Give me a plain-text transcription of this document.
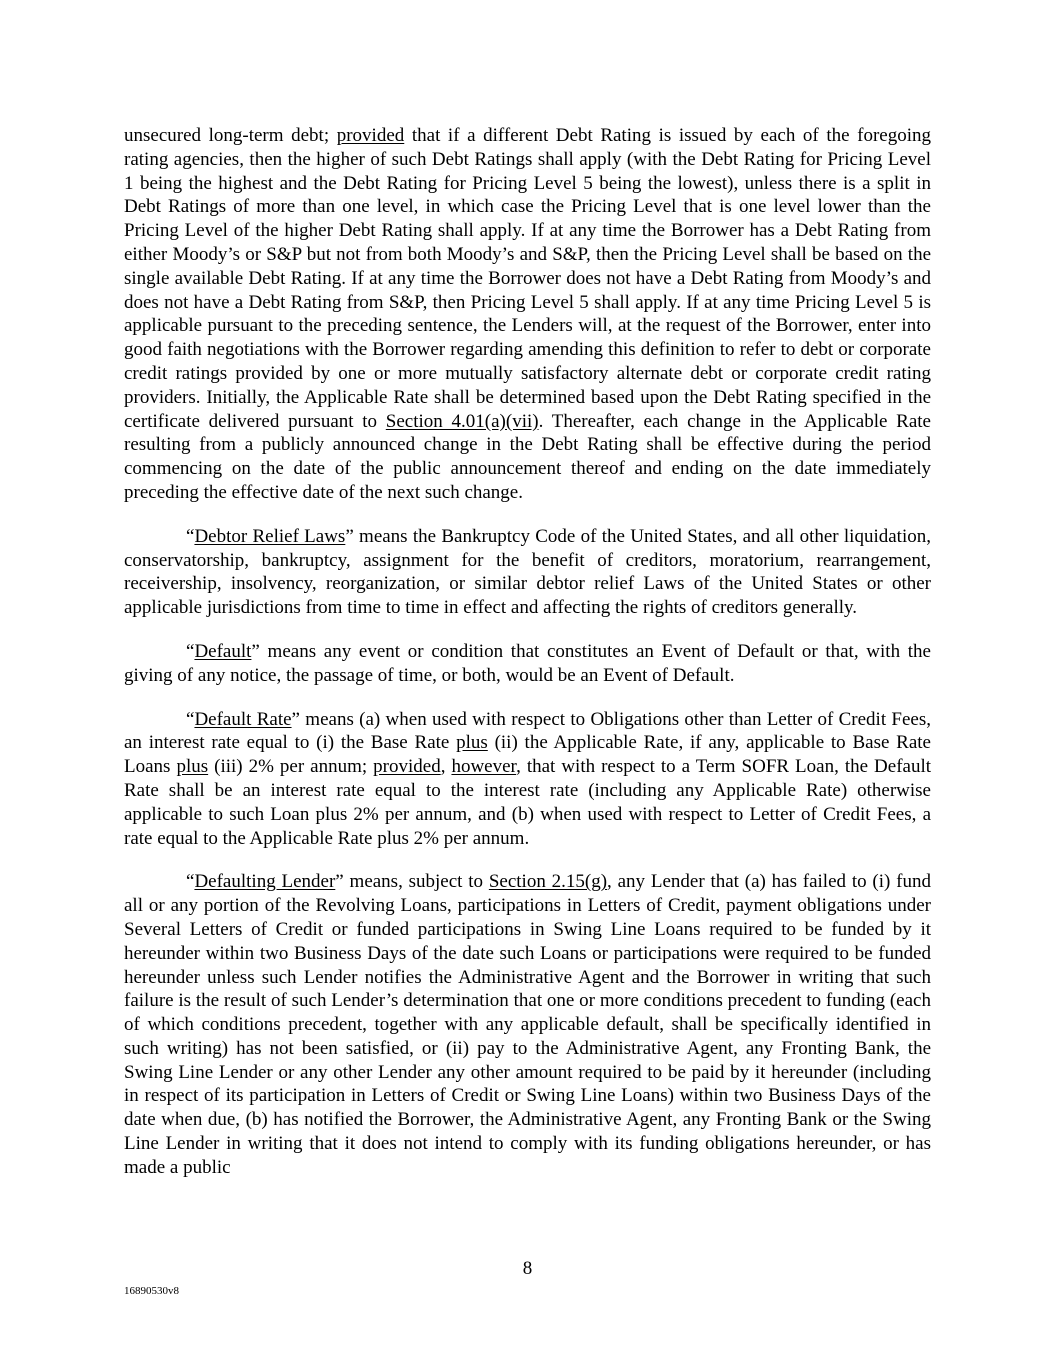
unsecured long-term debt; provided that if a different Debt Rating is issued by each of the foregoing rating agencies, then the higher of such Debt Ratings shall apply (with the Debt Rating for Pricing Level 1 being the highest and the Debt Rating for Pricing Level 5 being the lowest), unless there is a split in Debt Ratings of more than one level, in which case the Pricing Level that is one level lower than the Pricing Level of the higher Debt Rating shall apply. If at any time the Borrower has a Debt Rating from either Moody’s or S&P but not from both Moody’s and S&P, then the Pricing Level shall be based on the single available Debt Rating. If at any time the Borrower does not have a Debt Rating from Moody’s and does not have a Debt Rating from S&P, then Pricing Level 5 shall apply. If at any time Pricing Level 5 is applicable pursuant to the preceding sentence, the Lenders will, at the request of the Borrower, enter into good faith negotiations with the Borrower regarding amending this definition to refer to debt or corporate credit ratings provided by one or more mutually satisfactory alternate debt or corporate credit rating providers. Initially, the Applicable Rate shall be determined based upon the Debt Rating specified in the certificate delivered pursuant to Section 4.01(a)(vii). Thereafter, each change in the Applicable Rate resulting from a publicly announced change in the Debt Rating shall be effective during the period commencing on the date of the public announcement thereof and ending on the date immediately preceding the effective date of the next such change.

“Debtor Relief Laws” means the Bankruptcy Code of the United States, and all other liquidation, conservatorship, bankruptcy, assignment for the benefit of creditors, moratorium, rearrangement, receivership, insolvency, reorganization, or similar debtor relief Laws of the United States or other applicable jurisdictions from time to time in effect and affecting the rights of creditors generally.

“Default” means any event or condition that constitutes an Event of Default or that, with the giving of any notice, the passage of time, or both, would be an Event of Default.

“Default Rate” means (a) when used with respect to Obligations other than Letter of Credit Fees, an interest rate equal to (i) the Base Rate plus (ii) the Applicable Rate, if any, applicable to Base Rate Loans plus (iii) 2% per annum; provided, however, that with respect to a Term SOFR Loan, the Default Rate shall be an interest rate equal to the interest rate (including any Applicable Rate) otherwise applicable to such Loan plus 2% per annum, and (b) when used with respect to Letter of Credit Fees, a rate equal to the Applicable Rate plus 2% per annum.

“Defaulting Lender” means, subject to Section 2.15(g), any Lender that (a) has failed to (i) fund all or any portion of the Revolving Loans, participations in Letters of Credit, payment obligations under Several Letters of Credit or funded participations in Swing Line Loans required to be funded by it hereunder within two Business Days of the date such Loans or participations were required to be funded hereunder unless such Lender notifies the Administrative Agent and the Borrower in writing that such failure is the result of such Lender’s determination that one or more conditions precedent to funding (each of which conditions precedent, together with any applicable default, shall be specifically identified in such writing) has not been satisfied, or (ii) pay to the Administrative Agent, any Fronting Bank, the Swing Line Lender or any other Lender any other amount required to be paid by it hereunder (including in respect of its participation in Letters of Credit or Swing Line Loans) within two Business Days of the date when due, (b) has notified the Borrower, the Administrative Agent, any Fronting Bank or the Swing Line Lender in writing that it does not intend to comply with its funding obligations hereunder, or has made a public

8
16890530v8
